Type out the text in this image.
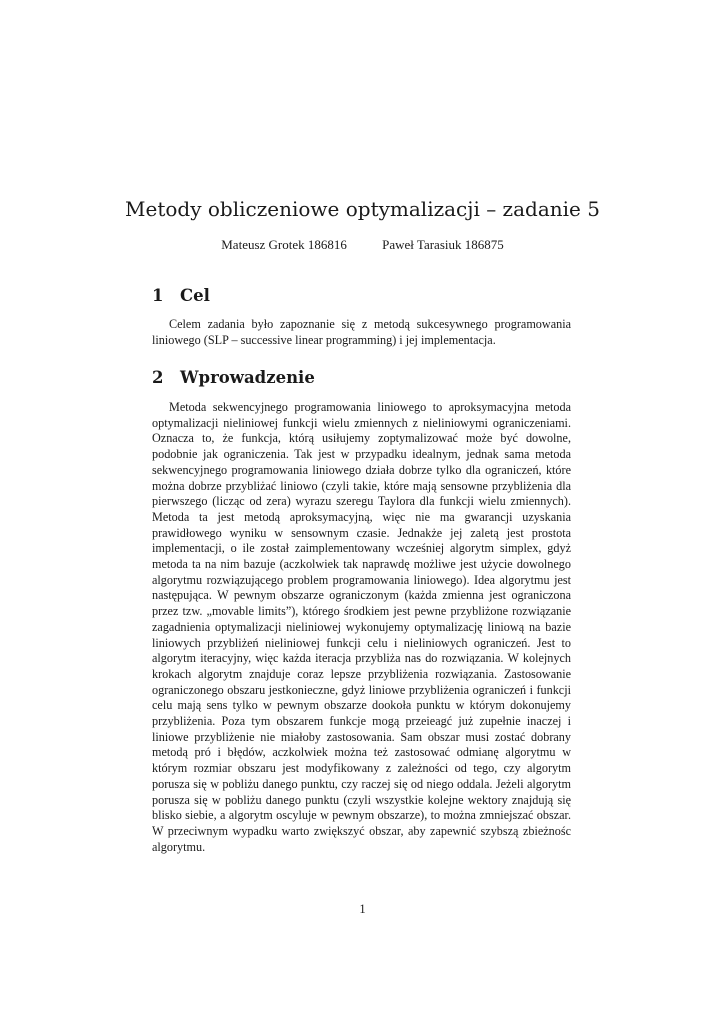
Metody obliczeniowe optymalizacji – zadanie 5
Mateusz Grotek 186816	Paweł Tarasiuk 186875
1 Cel

Celem zadania było zapoznanie się z metodą sukcesywnego programowania liniowego (SLP – successive linear programming) i jej implementacja.

2 Wprowadzenie

Metoda sekwencyjnego programowania liniowego to aproksymacyjna metoda optymalizacji nieliniowej funkcji wielu zmiennych z nieliniowymi ograniczeniami. Oznacza to, że funkcja, którą usiłujemy zoptymalizować może być dowolne, podobnie jak ograniczenia. Tak jest w przypadku idealnym, jednak sama metoda sekwencyjnego programowania liniowego działa dobrze tylko dla ograniczeń, które można dobrze przybliżać liniowo (czyli takie, które mają sensowne przybliżenia dla pierwszego (licząc od zera) wyrazu szeregu Taylora dla funkcji wielu zmiennych). Metoda ta jest metodą aproksymacyjną, więc nie ma gwarancji uzyskania prawidłowego wyniku w sensownym czasie. Jednakże jej zaletą jest prostota implementacji, o ile został zaimplementowany wcześniej algorytm simplex, gdyż metoda ta na nim bazuje (aczkolwiek tak naprawdę możliwe jest użycie dowolnego algorytmu rozwiązującego problem programowania liniowego). Idea algorytmu jest następująca. W pewnym obszarze ograniczonym (każda zmienna jest ograniczona przez tzw. „movable limits”), którego środkiem jest pewne przybliżone rozwiązanie zagadnienia optymalizacji nieliniowej wykonujemy optymalizację liniową na bazie liniowych przybliżeń nieliniowej funkcji celu i nieliniowych ograniczeń. Jest to algorytm iteracyjny, więc każda iteracja przybliża nas do rozwiązania. W kolejnych krokach algorytm znajduje coraz lepsze przybliżenia rozwiązania. Zastosowanie ograniczonego obszaru jestkonieczne, gdyż liniowe przybliżenia ograniczeń i funkcji celu mają sens tylko w pewnym obszarze dookoła punktu w którym dokonujemy przybliżenia. Poza tym obszarem funkcje mogą przeieagć już zupełnie inaczej i liniowe przybliżenie nie miałoby zastosowania. Sam obszar musi zostać dobrany metodą pró i błędów, aczkolwiek można też zastosować odmianę algorytmu w którym rozmiar obszaru jest modyfikowany z zależności od tego, czy algorytm porusza się w pobliżu danego punktu, czy raczej się od niego oddala. Jeżeli algorytm porusza się w pobliżu danego punktu (czyli wszystkie kolejne wektory znajdują się blisko siebie, a algorytm oscyluje w pewnym obszarze), to można zmniejszać obszar. W przeciwnym wypadku warto zwiększyć obszar, aby zapewnić szybszą zbieżnośc algorytmu.

1
